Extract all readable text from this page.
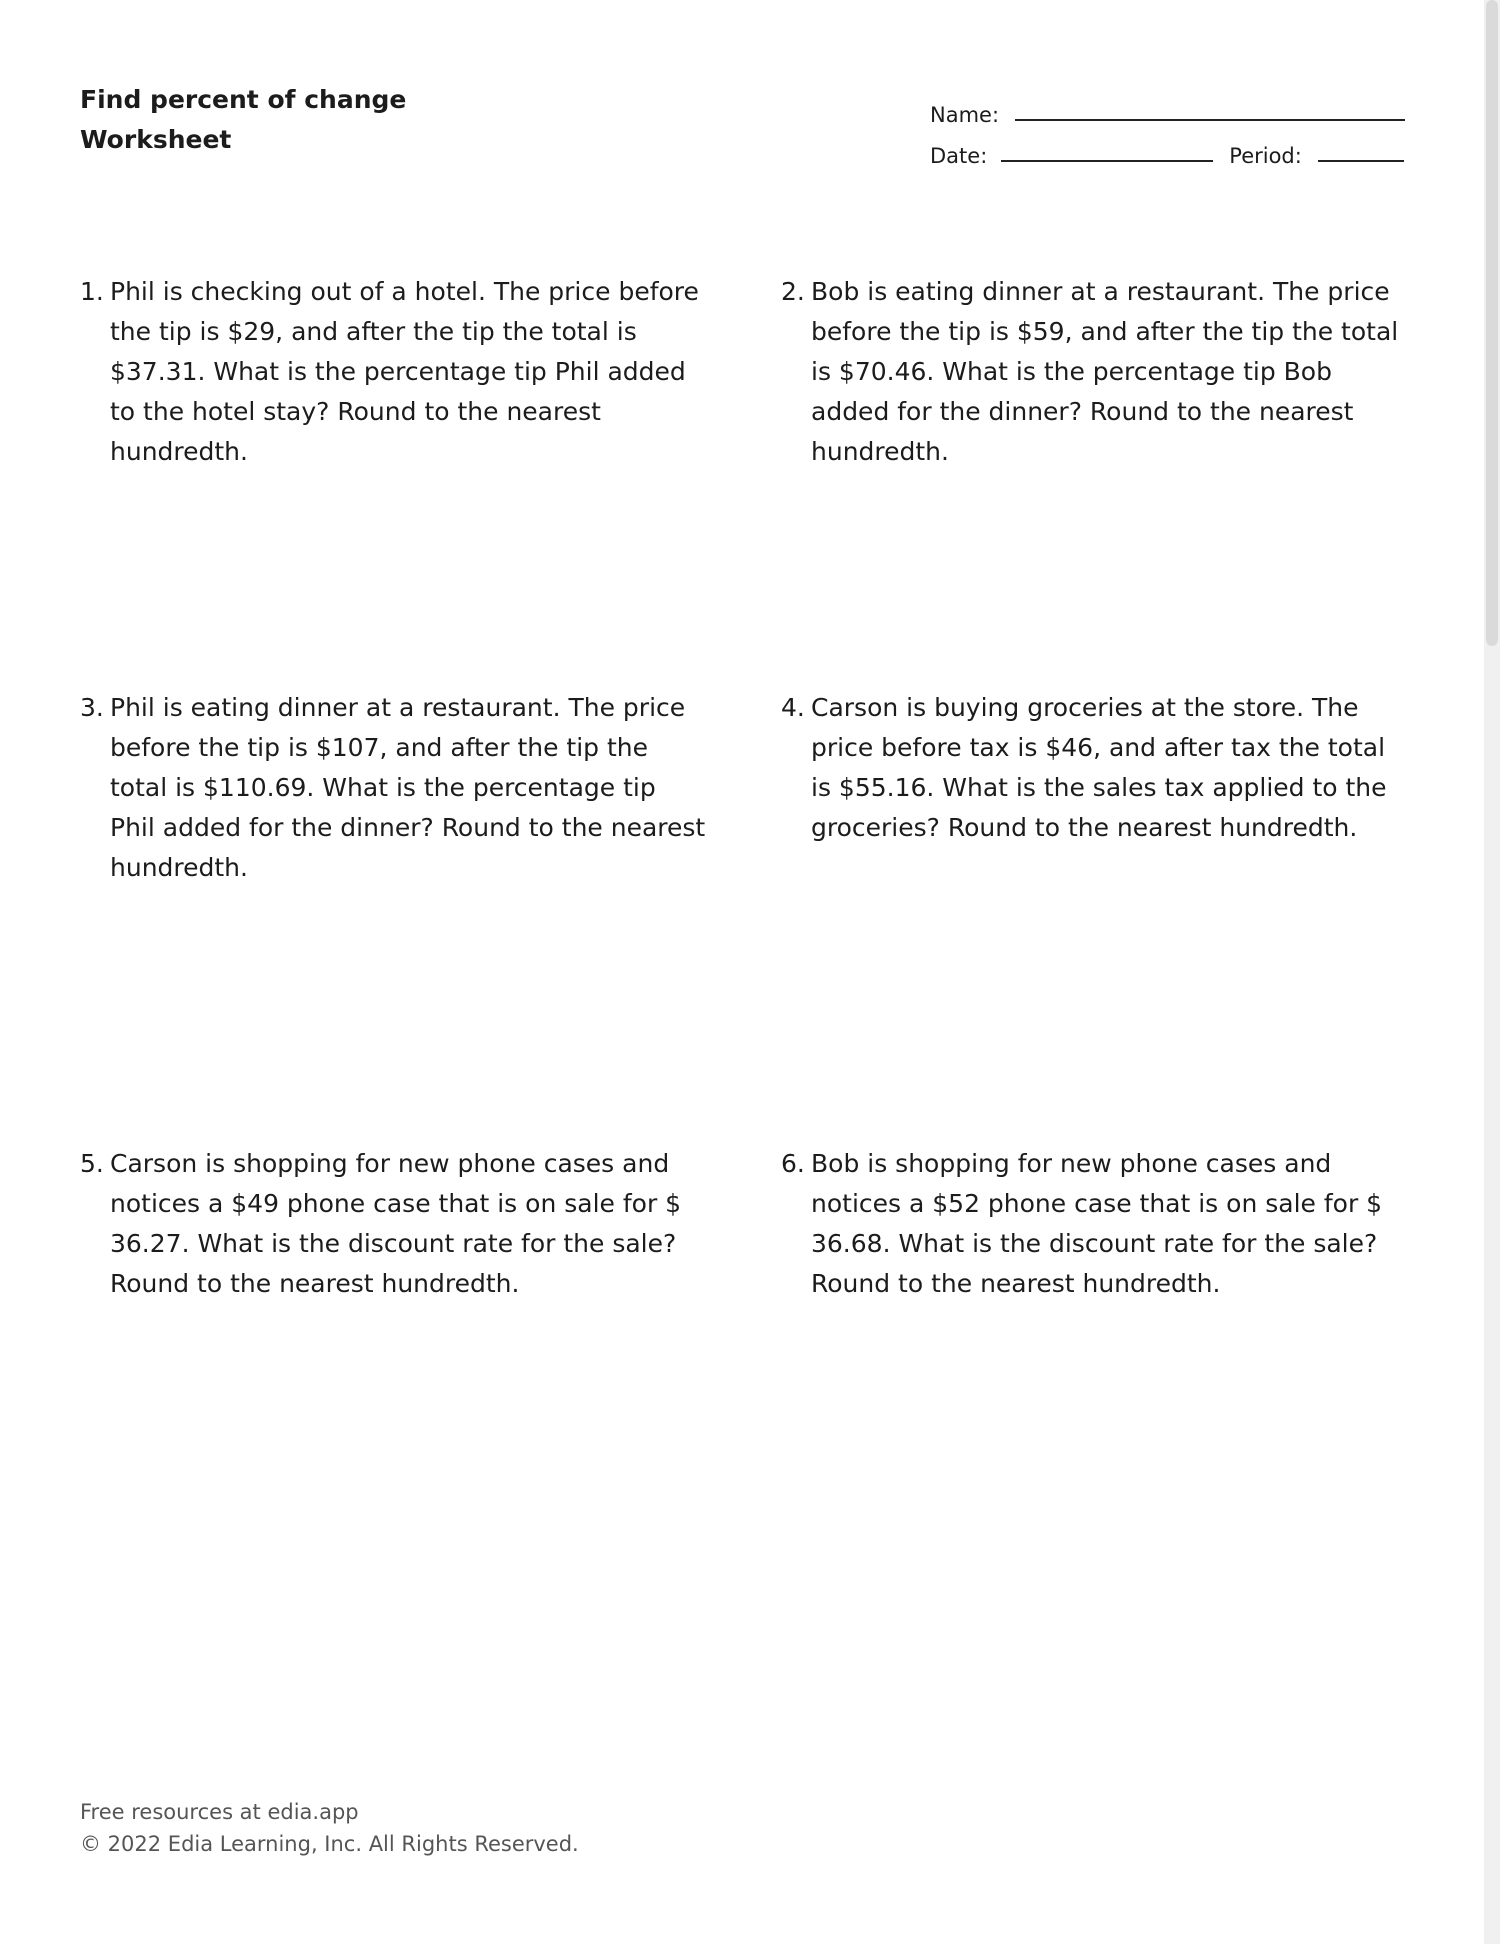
Find percent of change
Worksheet
Name:
Date:	Period:
1. Phil is checking out of a hotel. The price before the tip is $29, and after the tip the total is $37.31. What is the percentage tip Phil added to the hotel stay? Round to the nearest hundredth.
2. Bob is eating dinner at a restaurant. The price before the tip is $59, and after the tip the total is $70.46. What is the percentage tip Bob added for the dinner? Round to the nearest hundredth.
3. Phil is eating dinner at a restaurant. The price before the tip is $107, and after the tip the total is $110.69. What is the percentage tip Phil added for the dinner? Round to the nearest hundredth.
4. Carson is buying groceries at the store. The price before tax is $46, and after tax the total is $55.16. What is the sales tax applied to the groceries? Round to the nearest hundredth.
5. Carson is shopping for new phone cases and notices a $49 phone case that is on sale for $ 36.27. What is the discount rate for the sale? Round to the nearest hundredth.
6. Bob is shopping for new phone cases and notices a $52 phone case that is on sale for $ 36.68. What is the discount rate for the sale? Round to the nearest hundredth.
Free resources at edia.app
© 2022 Edia Learning, Inc. All Rights Reserved.
